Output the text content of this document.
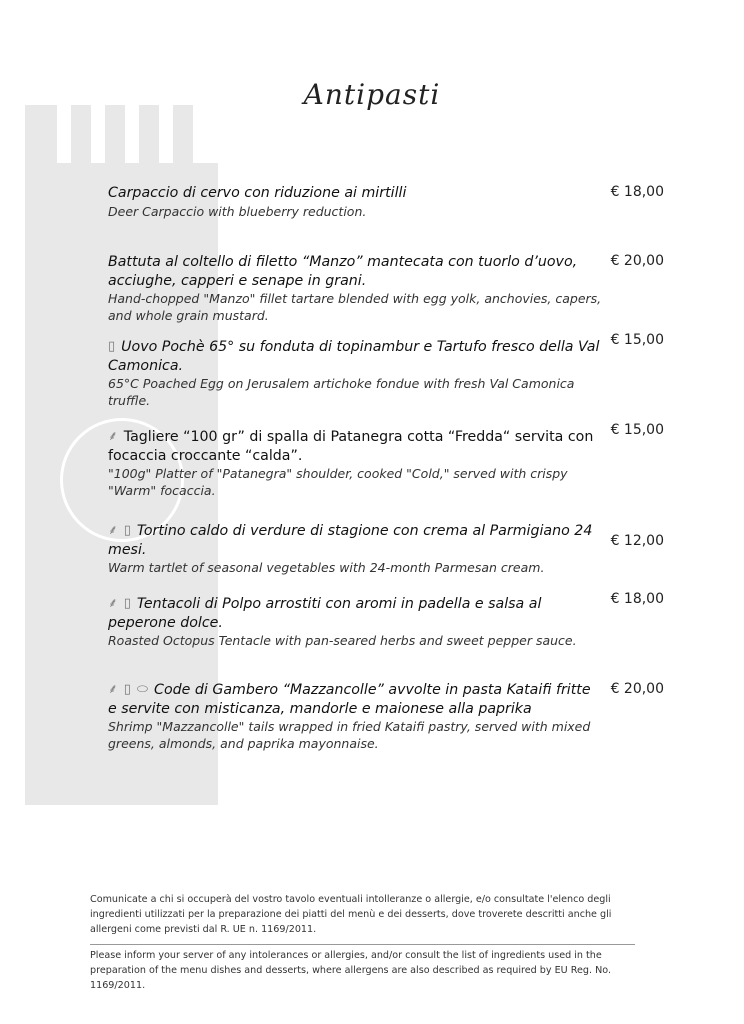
Antipasti
Carpaccio di cervo con riduzione ai mirtilli
Deer Carpaccio with blueberry reduction.
€ 18,00
Battuta al coltello di filetto “Manzo” mantecata con tuorlo d’uovo, acciughe, capperi e senape in grani.
Hand-chopped "Manzo" fillet tartare blended with egg yolk, anchovies, capers, and whole grain mustard.
€ 20,00
▯ Uovo Pochè 65° su fonduta di topinambur e Tartufo fresco della Val Camonica.
65°C Poached Egg on Jerusalem artichoke fondue with fresh Val Camonica truffle.
€ 15,00
⸙ Tagliere “100 gr” di spalla di Patanegra cotta “Fredda“ servita con focaccia croccante “calda”.
"100g" Platter of "Patanegra" shoulder, cooked "Cold," served with crispy "Warm" focaccia.
€ 15,00
⸙ ▯ Tortino caldo di verdure di stagione con crema al Parmigiano 24 mesi.
Warm tartlet of seasonal vegetables with 24-month Parmesan cream.
€ 12,00
⸙ ▯ Tentacoli di Polpo arrostiti con aromi in padella e salsa al peperone dolce.
Roasted Octopus Tentacle with pan-seared herbs and sweet pepper sauce.
€ 18,00
⸙ ▯ ⬭ Code di Gambero “Mazzancolle” avvolte in pasta Kataifi fritte e servite con misticanza, mandorle e maionese alla paprika
Shrimp "Mazzancolle" tails wrapped in fried Kataifi pastry, served with mixed greens, almonds, and paprika mayonnaise.
€ 20,00
Comunicate a chi si occuperà del vostro tavolo eventuali intolleranze o allergie, e/o consultate l'elenco degli ingredienti utilizzati per la preparazione dei piatti del menù e dei desserts, dove troverete descritti anche gli allergeni come previsti dal R. UE n. 1169/2011.
Please inform your server of any intolerances or allergies, and/or consult the list of ingredients used in the preparation of the menu dishes and desserts, where allergens are also described as required by EU Reg. No. 1169/2011.
